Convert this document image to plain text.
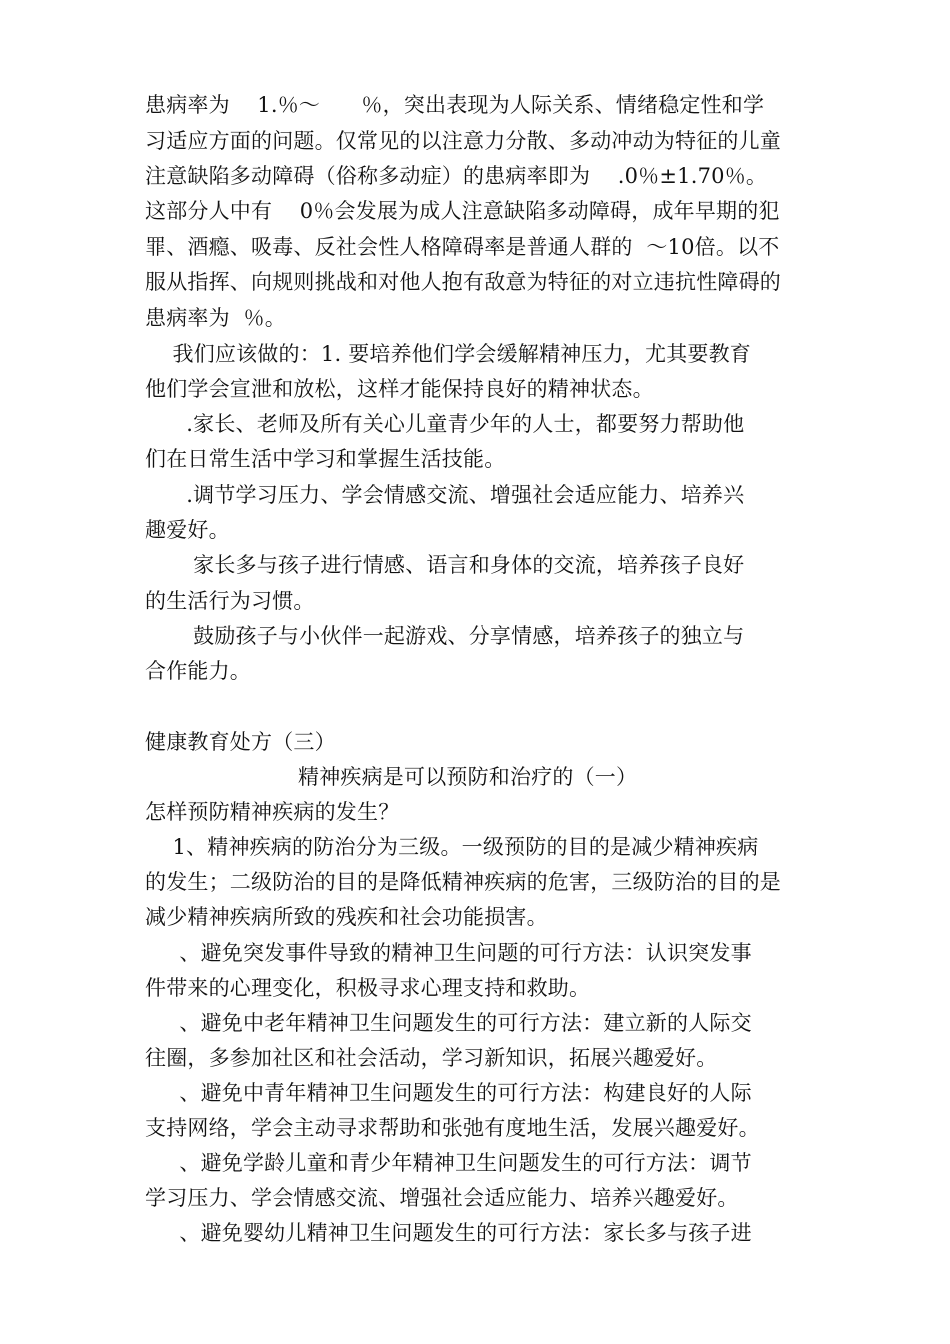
患病率为    1.％～      ％，突出表现为人际关系、情绪稳定性和学
习适应方面的问题。仅常见的以注意力分散、多动冲动为特征的儿童
注意缺陷多动障碍（俗称多动症）的患病率即为    .0％±1.70％。
这部分人中有    0％会发展为成人注意缺陷多动障碍，成年早期的犯
罪、酒瘾、吸毒、反社会性人格障碍率是普通人群的  ～10倍。以不
服从指挥、向规则挑战和对他人抱有敌意为特征的对立违抗性障碍的
患病率为  ％。
我们应该做的：1. 要培养他们学会缓解精神压力，尤其要教育
他们学会宣泄和放松，这样才能保持良好的精神状态。
.家长、老师及所有关心儿童青少年的人士，都要努力帮助他
们在日常生活中学习和掌握生活技能。
.调节学习压力、学会情感交流、增强社会适应能力、培养兴
趣爱好。
家长多与孩子进行情感、语言和身体的交流，培养孩子良好
的生活行为习惯。
鼓励孩子与小伙伴一起游戏、分享情感，培养孩子的独立与
合作能力。
健康教育处方（三）
精神疾病是可以预防和治疗的（一）
怎样预防精神疾病的发生？
1、精神疾病的防治分为三级。一级预防的目的是减少精神疾病
的发生；二级防治的目的是降低精神疾病的危害，三级防治的目的是
减少精神疾病所致的残疾和社会功能损害。
、避免突发事件导致的精神卫生问题的可行方法：认识突发事
件带来的心理变化，积极寻求心理支持和救助。
、避免中老年精神卫生问题发生的可行方法：建立新的人际交
往圈，多参加社区和社会活动，学习新知识，拓展兴趣爱好。
、避免中青年精神卫生问题发生的可行方法：构建良好的人际
支持网络，学会主动寻求帮助和张弛有度地生活，发展兴趣爱好。
、避免学龄儿童和青少年精神卫生问题发生的可行方法：调节
学习压力、学会情感交流、增强社会适应能力、培养兴趣爱好。
、避免婴幼儿精神卫生问题发生的可行方法：家长多与孩子进
